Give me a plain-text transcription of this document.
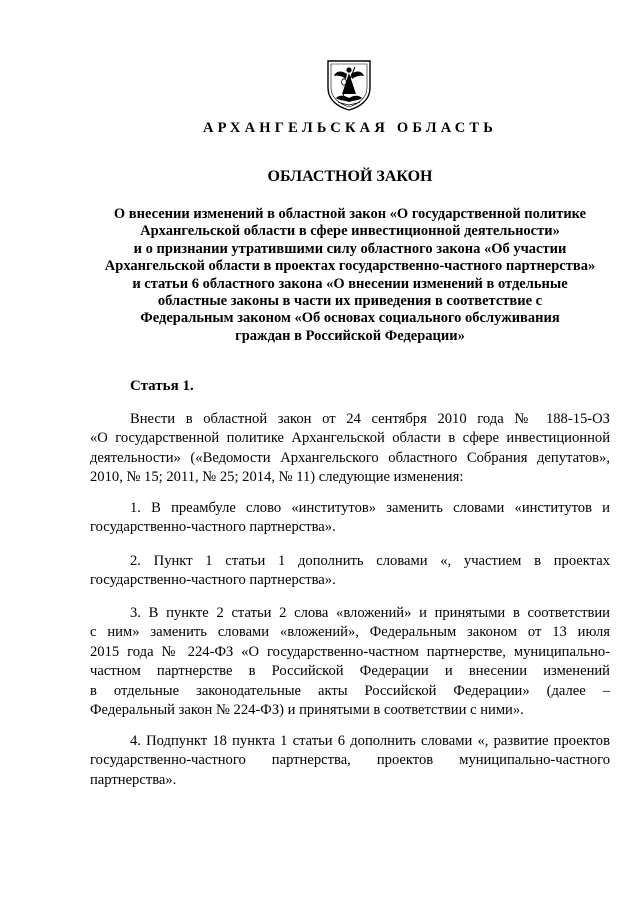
АРХАНГЕЛЬСКАЯ ОБЛАСТЬ
ОБЛАСТНОЙ ЗАКОН
О внесении изменений в областной закон «О государственной политике
Архангельской области в сфере инвестиционной деятельности»
и о признании утратившими силу областного закона «Об участии
Архангельской области в проектах государственно-частного партнерства»
и статьи 6 областного закона «О внесении изменений в отдельные
областные законы в части их приведения в соответствие с
Федеральным законом «Об основах социального обслуживания
граждан в Российской Федерации»
Статья 1.
Внести в областной закон от 24 сентября 2010 года № 188-15-ОЗ
«О государственной политике Архангельской области в сфере инвестиционной
деятельности» («Ведомости Архангельского областного Собрания депутатов»,
2010, № 15; 2011, № 25; 2014, № 11) следующие изменения:
1. В преамбуле слово «институтов» заменить словами «институтов и
государственно-частного партнерства».
2. Пункт 1 статьи 1 дополнить словами «, участием в проектах
государственно-частного партнерства».
3. В пункте 2 статьи 2 слова «вложений» и принятыми в соответствии
с ним» заменить словами «вложений», Федеральным законом от 13 июля
2015 года № 224-ФЗ «О государственно-частном партнерстве, муниципально-
частном партнерстве в Российской Федерации и внесении изменений
в отдельные законодательные акты Российской Федерации» (далее –
Федеральный закон № 224-ФЗ) и принятыми в соответствии с ними».
4. Подпункт 18 пункта 1 статьи 6 дополнить словами «, развитие проектов
государственно-частного партнерства, проектов муниципально-частного
партнерства».
